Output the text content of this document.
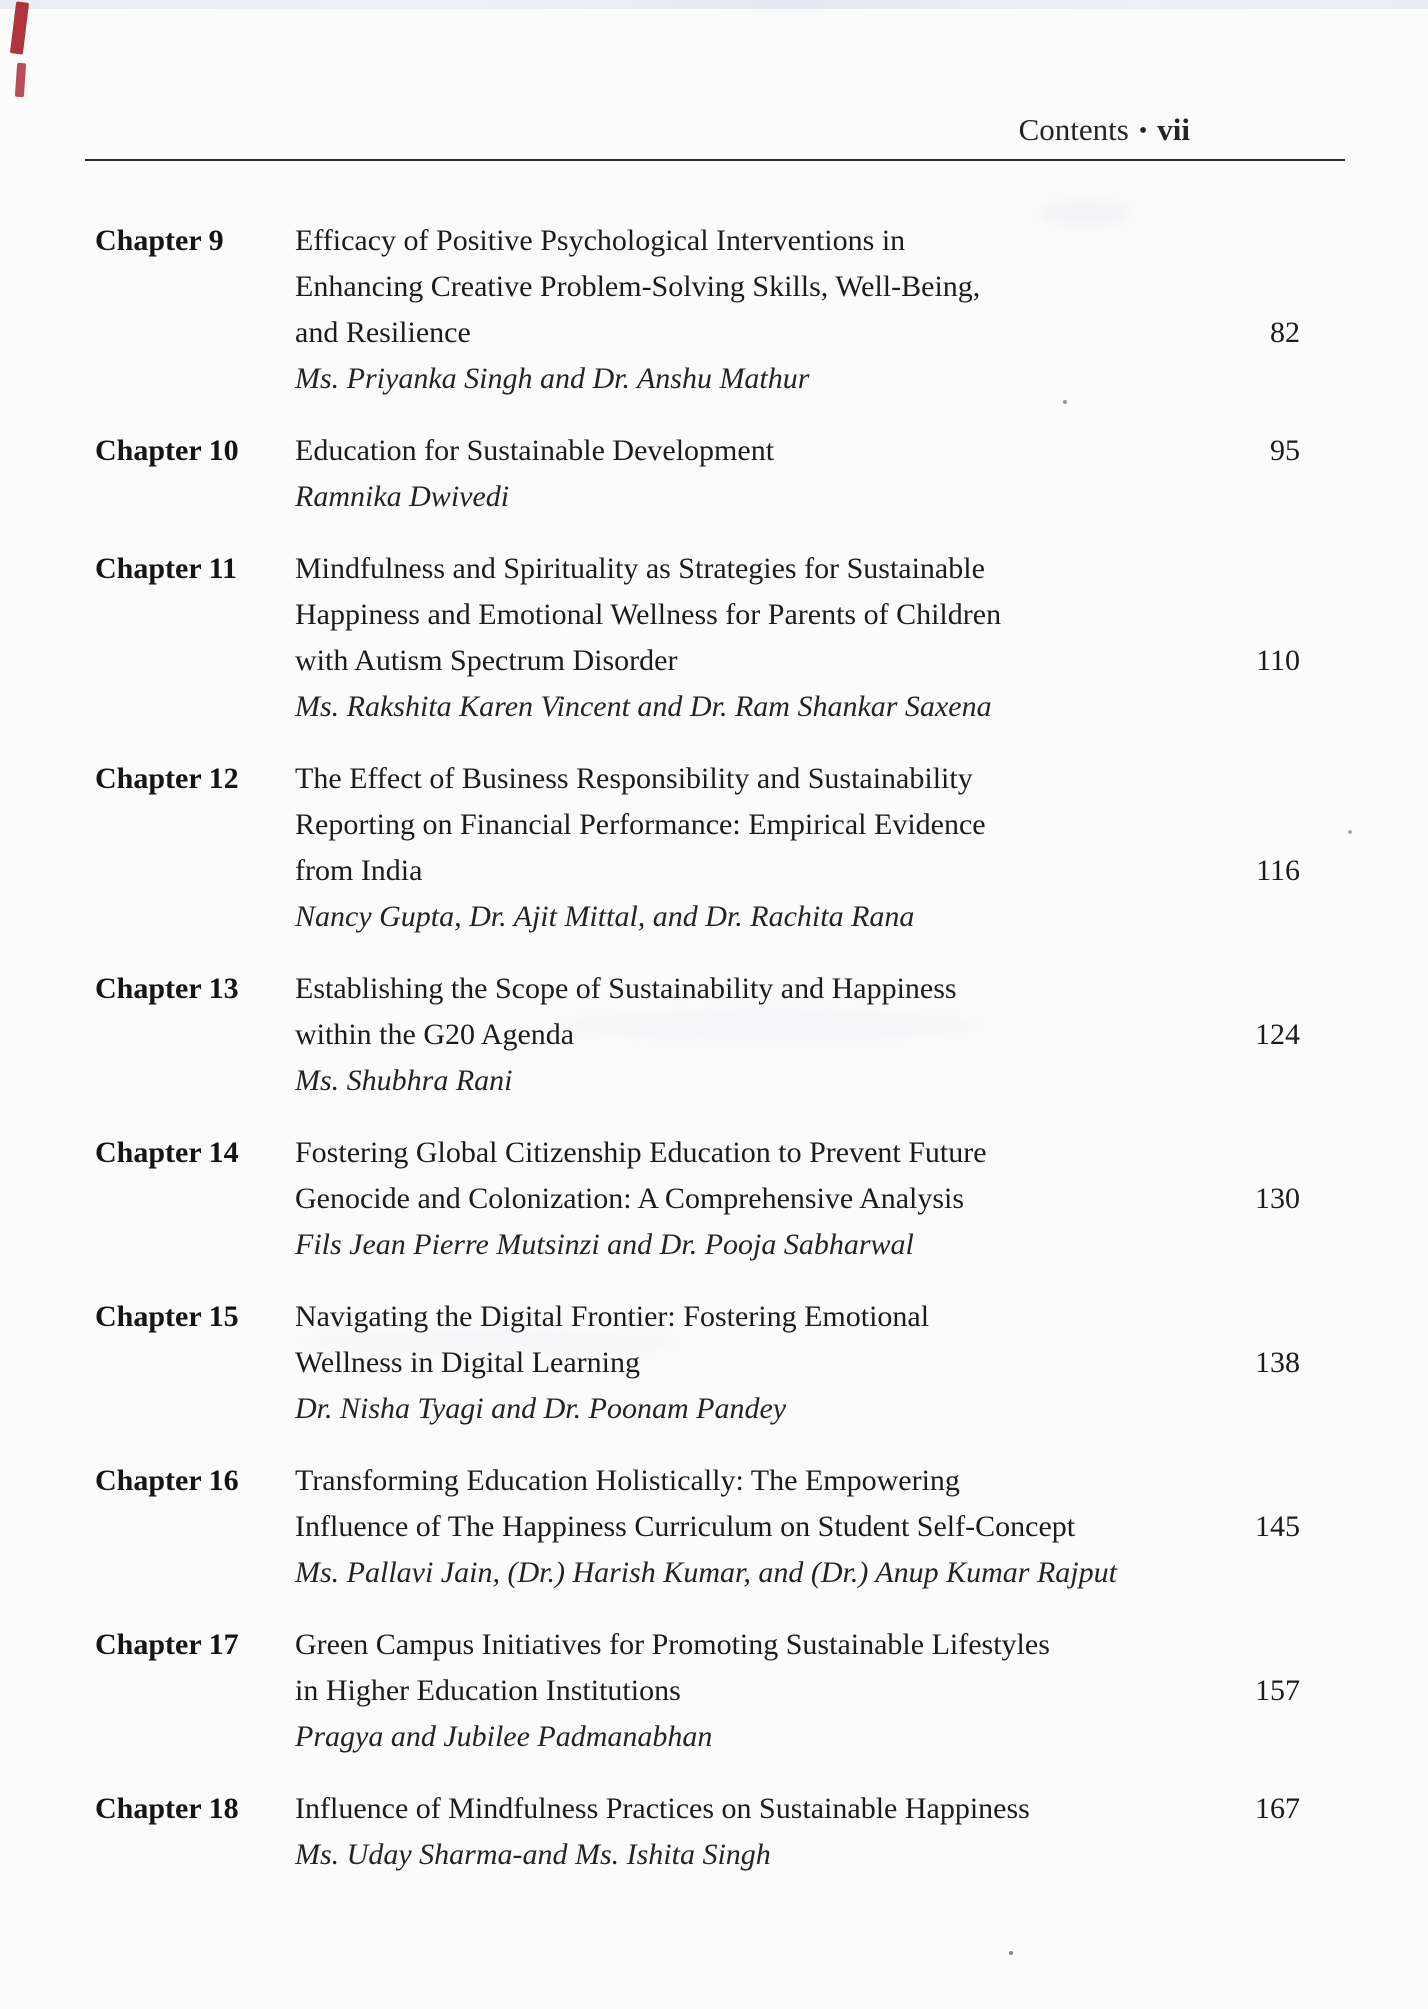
Contents • vii
Chapter 9	Efficacy of Positive Psychological Interventions in
Enhancing Creative Problem-Solving Skills, Well-Being,
and Resilience
Ms. Priyanka Singh and Dr. Anshu Mathur
82
Chapter 10	Education for Sustainable Development
Ramnika Dwivedi
95
Chapter 11	Mindfulness and Spirituality as Strategies for Sustainable
Happiness and Emotional Wellness for Parents of Children
with Autism Spectrum Disorder
Ms. Rakshita Karen Vincent and Dr. Ram Shankar Saxena
110
Chapter 12	The Effect of Business Responsibility and Sustainability
Reporting on Financial Performance: Empirical Evidence
from India
Nancy Gupta, Dr. Ajit Mittal, and Dr. Rachita Rana
116
Chapter 13	Establishing the Scope of Sustainability and Happiness
within the G20 Agenda
Ms. Shubhra Rani
124
Chapter 14	Fostering Global Citizenship Education to Prevent Future
Genocide and Colonization: A Comprehensive Analysis
Fils Jean Pierre Mutsinzi and Dr. Pooja Sabharwal
130
Chapter 15	Navigating the Digital Frontier: Fostering Emotional
Wellness in Digital Learning
Dr. Nisha Tyagi and Dr. Poonam Pandey
138
Chapter 16	Transforming Education Holistically: The Empowering
Influence of The Happiness Curriculum on Student Self-Concept
Ms. Pallavi Jain, (Dr.) Harish Kumar, and (Dr.) Anup Kumar Rajput
145
Chapter 17	Green Campus Initiatives for Promoting Sustainable Lifestyles
in Higher Education Institutions
Pragya and Jubilee Padmanabhan
157
Chapter 18	Influence of Mindfulness Practices on Sustainable Happiness
Ms. Uday Sharma-and Ms. Ishita Singh
167
